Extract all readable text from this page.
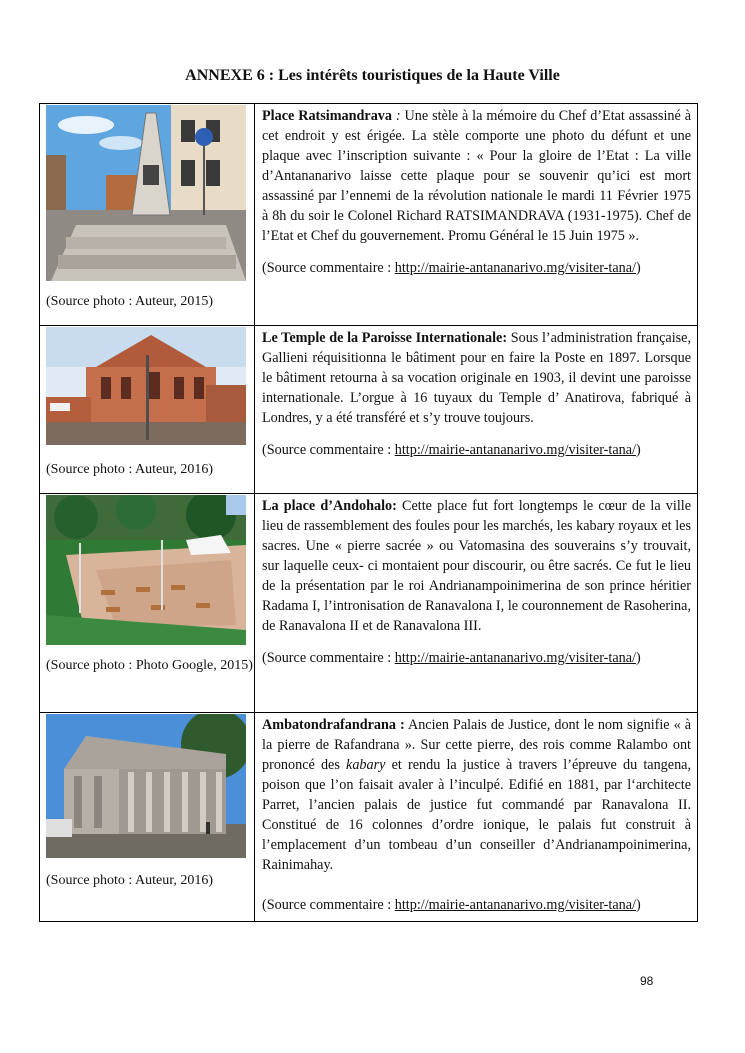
ANNEXE 6 : Les intérêts touristiques de la Haute Ville
(Source photo : Auteur, 2015)	Place Ratsimandrava : Une stèle à la mémoire du Chef d’Etat assassiné à cet endroit y est érigée. La stèle comporte une photo du défunt et une plaque avec l’inscription suivante : « Pour la gloire de l’Etat : La ville d’Antananarivo laisse cette plaque pour se souvenir qu’ici est mort assassiné par l’ennemi de la révolution nationale le mardi 11 Février 1975 à 8h du soir le Colonel Richard RATSIMANDRAVA (1931-1975). Chef de l’Etat et Chef du gouvernement. Promu Général le 15 Juin 1975 ».
(Source commentaire : http://mairie-antananarivo.mg/visiter-tana/)

(Source photo : Auteur, 2016)	Le Temple de la Paroisse Internationale: Sous l’administration française, Gallieni réquisitionna le bâtiment pour en faire la Poste en 1897. Lorsque le bâtiment retourna à sa vocation originale en 1903, il devint une paroisse internationale. L’orgue à 16 tuyaux du Temple d’ Anatirova, fabriqué à Londres, y a été transféré et s’y trouve toujours.
(Source commentaire : http://mairie-antananarivo.mg/visiter-tana/)

(Source photo : Photo Google, 2015)	La place d’Andohalo: Cette place fut fort longtemps le cœur de la ville lieu de rassemblement des foules pour les marchés, les kabary royaux et les sacres. Une « pierre sacrée » ou Vatomasina des souverains s’y trouvait, sur laquelle ceux- ci montaient pour discourir, ou être sacrés. Ce fut le lieu de la présentation par le roi Andrianampoinimerina de son prince héritier Radama I, l’intronisation de Ranavalona I, le couronnement de Rasoherina, de Ranavalona II et de Ranavalona III.
(Source commentaire : http://mairie-antananarivo.mg/visiter-tana/)

(Source photo : Auteur, 2016)	Ambatondrafandrana : Ancien Palais de Justice, dont le nom signifie « à la pierre de Rafandrana ». Sur cette pierre, des rois comme Ralambo ont prononcé des kabary et rendu la justice à travers l’épreuve du tangena, poison que l’on faisait avaler à l’inculpé. Edifié en 1881, par l‘architecte Parret, l’ancien palais de justice fut commandé par Ranavalona II. Constitué de 16 colonnes d’ordre ionique, le palais fut construit à l’emplacement d’un tombeau d’un conseiller d’Andrianampoinimerina, Rainimahay.
(Source commentaire : http://mairie-antananarivo.mg/visiter-tana/)
98
